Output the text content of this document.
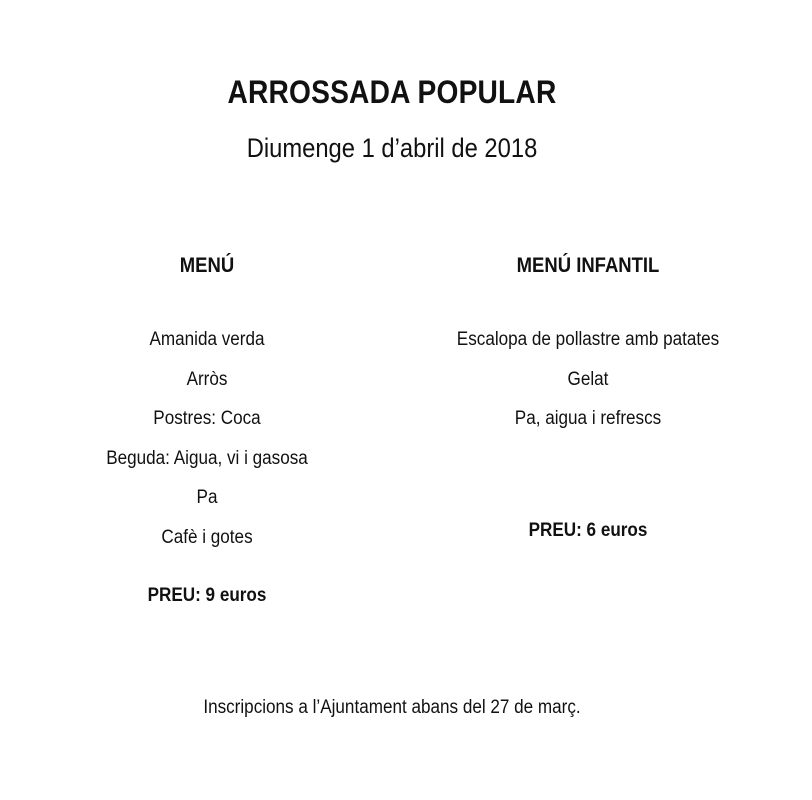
ARROSSADA POPULAR
Diumenge 1 d’abril de 2018
MENÚ
Amanida verda
Arròs
Postres: Coca
Beguda: Aigua, vi i gasosa
Pa
Cafè i gotes
PREU: 9 euros
MENÚ INFANTIL
Escalopa de pollastre amb patates
Gelat
Pa, aigua i refrescs
PREU: 6 euros
Inscripcions a l’Ajuntament abans del 27 de març.
